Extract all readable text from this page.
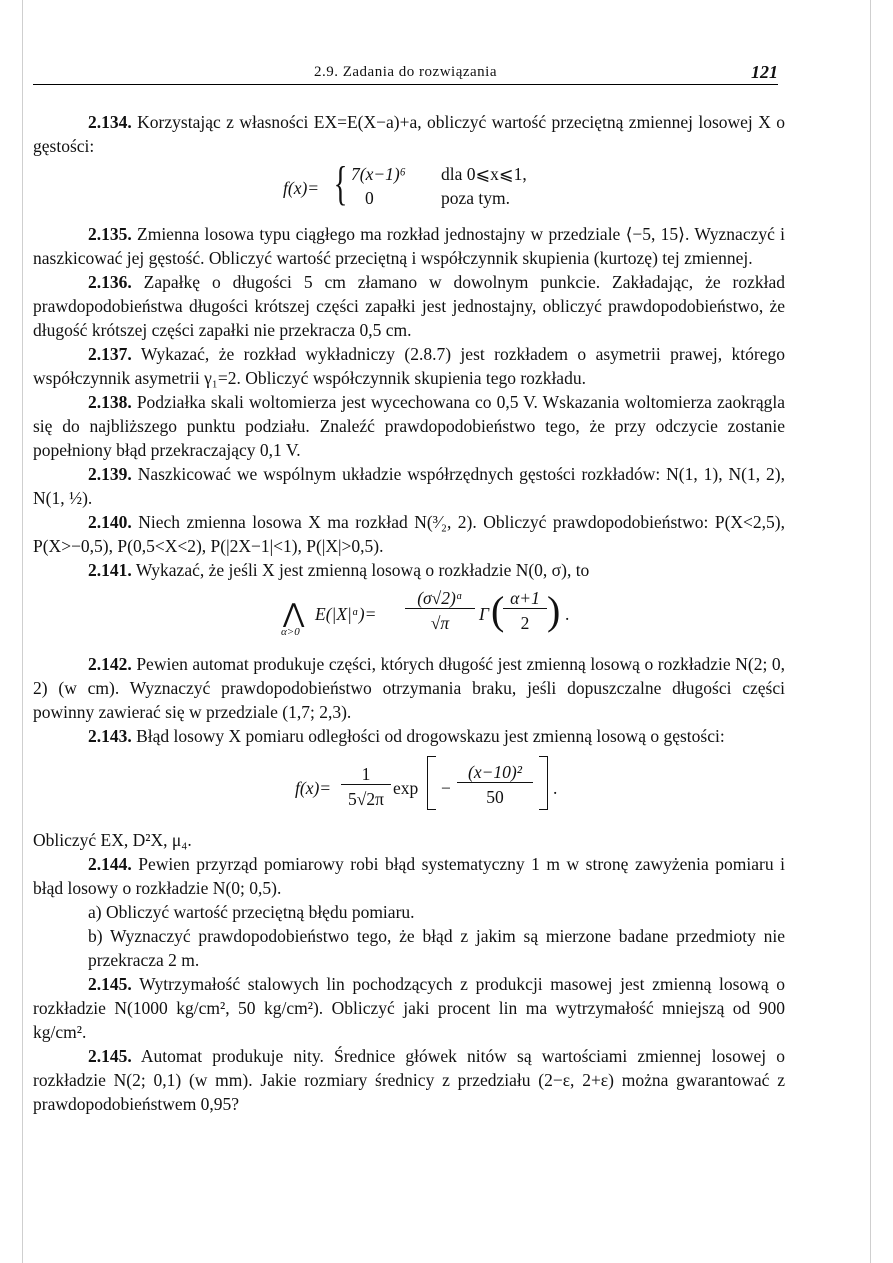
2.9. Zadania do rozwiązania	121

2.134. Korzystając z własności EX=E(X−a)+a, obliczyć wartość przeciętną zmiennej losowej X o gęstości:

f(x)= { 7(x−1)⁶ dla 0⩽x⩽1,
0	poza tym.

2.135. Zmienna losowa typu ciągłego ma rozkład jednostajny w przedziale ⟨−5, 15⟩. Wyznaczyć i naszkicować jej gęstość. Obliczyć wartość przeciętną i współczynnik skupienia (kurtozę) tej zmiennej.

2.136. Zapałkę o długości 5 cm złamano w dowolnym punkcie. Zakładając, że rozkład prawdopodobieństwa długości krótszej części zapałki jest jednostajny, obliczyć prawdopodobieństwo, że długość krótszej części zapałki nie przekracza 0,5 cm.

2.137. Wykazać, że rozkład wykładniczy (2.8.7) jest rozkładem o asymetrii prawej, którego współczynnik asymetrii γ₁=2. Obliczyć współczynnik skupienia tego rozkładu.

2.138. Podziałka skali woltomierza jest wycechowana co 0,5 V. Wskazania woltomierza zaokrągla się do najbliższego punktu podziału. Znaleźć prawdopodobieństwo tego, że przy odczycie zostanie popełniony błąd przekraczający 0,1 V.

2.139. Naszkicować we wspólnym układzie współrzędnych gęstości rozkładów: N(1, 1), N(1, 2), N(1, ½).

2.140. Niech zmienna losowa X ma rozkład N(³⁄₂, 2). Obliczyć prawdopodobieństwo: P(X<2,5), P(X>−0,5), P(0,5<X<2), P(|2X−1|<1), P(|X|>0,5).

2.141. Wykazać, że jeśli X jest zmienną losową o rozkładzie N(0, σ), to

⋀
α>0
E(|X|ᵅ)=
(σ√2)ᵅ
√π	Γ ( α+1
2 ) .

2.142. Pewien automat produkuje części, których długość jest zmienną losową o rozkładzie N(2; 0, 2) (w cm). Wyznaczyć prawdopodobieństwo otrzymania braku, jeśli dopuszczalne długości części powinny zawierać się w przedziale (1,7; 2,3).

2.143. Błąd losowy X pomiaru odległości od drogowskazu jest zmienną losową o gęstości:

f(x)=
1
5√2π
exp −
(x−10)²
50	.

Obliczyć EX, D²X, μ₄.

2.144. Pewien przyrząd pomiarowy robi błąd systematyczny 1 m w stronę zawyżenia pomiaru i błąd losowy o rozkładzie N(0; 0,5).

a) Obliczyć wartość przeciętną błędu pomiaru.

b) Wyznaczyć prawdopodobieństwo tego, że błąd z jakim są mierzone badane przedmioty nie przekracza 2 m.

2.145. Wytrzymałość stalowych lin pochodzących z produkcji masowej jest zmienną losową o rozkładzie N(1000 kg/cm², 50 kg/cm²). Obliczyć jaki procent lin ma wytrzymałość mniejszą od 900 kg/cm².

2.145. Automat produkuje nity. Średnice główek nitów są wartościami zmiennej losowej o rozkładzie N(2; 0,1) (w mm). Jakie rozmiary średnicy z przedziału (2−ε, 2+ε) można gwarantować z prawdopodobieństwem 0,95?
